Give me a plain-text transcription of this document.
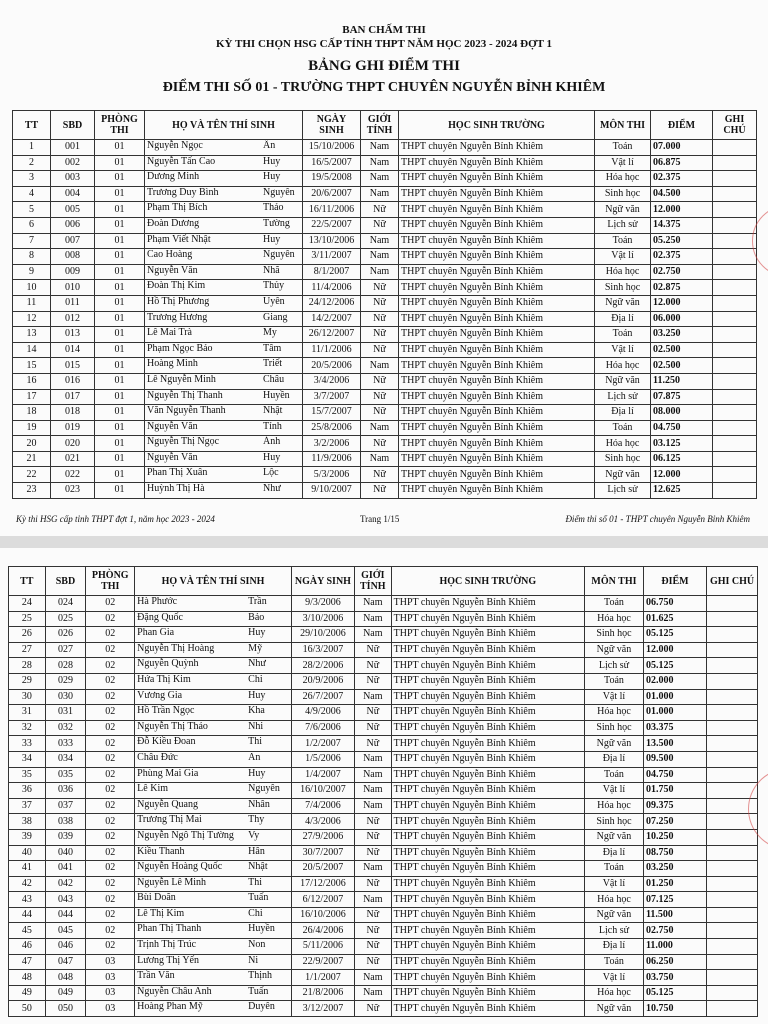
BAN CHẤM THI
KỲ THI CHỌN HSG CẤP TỈNH THPT NĂM HỌC 2023 - 2024 ĐỢT 1
BẢNG GHI ĐIỂM THI
ĐIỂM THI SỐ 01 - TRƯỜNG THPT CHUYÊN NGUYỄN BỈNH KHIÊM
TT	SBD	PHÒNG THI	HỌ VÀ TÊN THÍ SINH	NGÀY SINH	GIỚI TÍNH	HỌC SINH TRƯỜNG	MÔN THI	ĐIỂM	GHI CHÚ
1	001	01	Nguyễn Ngọc Ấn	15/10/2006	Nam	THPT chuyên Nguyễn Bỉnh Khiêm	Toán	07.000	
2	002	01	Nguyễn Tấn Cao Huy	16/5/2007	Nam	THPT chuyên Nguyễn Bỉnh Khiêm	Vật lí	06.875	
3	003	01	Dương Minh Huy	19/5/2008	Nam	THPT chuyên Nguyễn Bỉnh Khiêm	Hóa học	02.375	
4	004	01	Trương Duy Bình Nguyên	20/6/2007	Nam	THPT chuyên Nguyễn Bỉnh Khiêm	Sinh học	04.500	
5	005	01	Phạm Thị Bích Thảo	16/11/2006	Nữ	THPT chuyên Nguyễn Bỉnh Khiêm	Ngữ văn	12.000	
6	006	01	Đoàn Dương Tường	22/5/2007	Nữ	THPT chuyên Nguyễn Bỉnh Khiêm	Lịch sử	14.375	
7	007	01	Phạm Viết Nhật Huy	13/10/2006	Nam	THPT chuyên Nguyễn Bỉnh Khiêm	Toán	05.250	
8	008	01	Cao Hoàng Nguyên	3/11/2007	Nam	THPT chuyên Nguyễn Bỉnh Khiêm	Vật lí	02.375	
9	009	01	Nguyễn Văn Nhã	8/1/2007	Nam	THPT chuyên Nguyễn Bỉnh Khiêm	Hóa học	02.750	
10	010	01	Đoàn Thị Kim Thủy	11/4/2006	Nữ	THPT chuyên Nguyễn Bỉnh Khiêm	Sinh học	02.875	
11	011	01	Hồ Thị Phương Uyên	24/12/2006	Nữ	THPT chuyên Nguyễn Bỉnh Khiêm	Ngữ văn	12.000	
12	012	01	Trương Hương Giang	14/2/2007	Nữ	THPT chuyên Nguyễn Bỉnh Khiêm	Địa lí	06.000	
13	013	01	Lê Mai Trà My	26/12/2007	Nữ	THPT chuyên Nguyễn Bỉnh Khiêm	Toán	03.250	
14	014	01	Phạm Ngọc Bảo Tâm	11/1/2006	Nữ	THPT chuyên Nguyễn Bỉnh Khiêm	Vật lí	02.500	
15	015	01	Hoàng Minh Triết	20/5/2006	Nam	THPT chuyên Nguyễn Bỉnh Khiêm	Hóa học	02.500	
16	016	01	Lê Nguyễn Minh Châu	3/4/2006	Nữ	THPT chuyên Nguyễn Bỉnh Khiêm	Ngữ văn	11.250	
17	017	01	Nguyễn Thị Thanh Huyền	3/7/2007	Nữ	THPT chuyên Nguyễn Bỉnh Khiêm	Lịch sử	07.875	
18	018	01	Văn Nguyễn Thanh Nhật	15/7/2007	Nữ	THPT chuyên Nguyễn Bỉnh Khiêm	Địa lí	08.000	
19	019	01	Nguyễn Văn Tỉnh	25/8/2006	Nam	THPT chuyên Nguyễn Bỉnh Khiêm	Toán	04.750	
20	020	01	Nguyễn Thị Ngọc Ánh	3/2/2006	Nữ	THPT chuyên Nguyễn Bỉnh Khiêm	Hóa học	03.125	
21	021	01	Nguyễn Văn Huy	11/9/2006	Nam	THPT chuyên Nguyễn Bỉnh Khiêm	Sinh học	06.125	
22	022	01	Phan Thị Xuân Lộc	5/3/2006	Nữ	THPT chuyên Nguyễn Bỉnh Khiêm	Ngữ văn	12.000	
23	023	01	Huỳnh Thị Hà Như	9/10/2007	Nữ	THPT chuyên Nguyễn Bỉnh Khiêm	Lịch sử	12.625	
Kỳ thi HSG cấp tỉnh THPT đợt 1, năm học 2023 - 2024	Trang 1/15	Điểm thi số 01 - THPT chuyên Nguyễn Bỉnh Khiêm
TT	SBD	PHÒNG THI	HỌ VÀ TÊN THÍ SINH	NGÀY SINH	GIỚI TÍNH	HỌC SINH TRƯỜNG	MÔN THI	ĐIỂM	GHI CHÚ
24	024	02	Hà Phước Trần	9/3/2006	Nam	THPT chuyên Nguyễn Bỉnh Khiêm	Toán	06.750	
25	025	02	Đặng Quốc Bảo	3/10/2006	Nam	THPT chuyên Nguyễn Bỉnh Khiêm	Hóa học	01.625	
26	026	02	Phan Gia Huy	29/10/2006	Nam	THPT chuyên Nguyễn Bỉnh Khiêm	Sinh học	05.125	
27	027	02	Nguyễn Thị Hoàng Mỹ	16/3/2007	Nữ	THPT chuyên Nguyễn Bỉnh Khiêm	Ngữ văn	12.000	
28	028	02	Nguyễn Quỳnh Như	28/2/2006	Nữ	THPT chuyên Nguyễn Bỉnh Khiêm	Lịch sử	05.125	
29	029	02	Hứa Thị Kim Chi	20/9/2006	Nữ	THPT chuyên Nguyễn Bỉnh Khiêm	Toán	02.000	
30	030	02	Vương Gia Huy	26/7/2007	Nam	THPT chuyên Nguyễn Bỉnh Khiêm	Vật lí	01.000	
31	031	02	Hồ Trần Ngọc Kha	4/9/2006	Nữ	THPT chuyên Nguyễn Bỉnh Khiêm	Hóa học	01.000	
32	032	02	Nguyễn Thị Thảo Nhi	7/6/2006	Nữ	THPT chuyên Nguyễn Bỉnh Khiêm	Sinh học	03.375	
33	033	02	Đỗ Kiều Đoan Thi	1/2/2007	Nữ	THPT chuyên Nguyễn Bỉnh Khiêm	Ngữ văn	13.500	
34	034	02	Châu Đức An	1/5/2006	Nam	THPT chuyên Nguyễn Bỉnh Khiêm	Địa lí	09.500	
35	035	02	Phùng Mai Gia Huy	1/4/2007	Nam	THPT chuyên Nguyễn Bỉnh Khiêm	Toán	04.750	
36	036	02	Lê Kim Nguyên	16/10/2007	Nam	THPT chuyên Nguyễn Bỉnh Khiêm	Vật lí	01.750	
37	037	02	Nguyễn Quang Nhân	7/4/2006	Nam	THPT chuyên Nguyễn Bỉnh Khiêm	Hóa học	09.375	
38	038	02	Trương Thị Mai Thy	4/3/2006	Nữ	THPT chuyên Nguyễn Bỉnh Khiêm	Sinh học	07.250	
39	039	02	Nguyễn Ngô Thị Tường Vy	27/9/2006	Nữ	THPT chuyên Nguyễn Bỉnh Khiêm	Ngữ văn	10.250	
40	040	02	Kiều Thanh Hân	30/7/2007	Nữ	THPT chuyên Nguyễn Bỉnh Khiêm	Địa lí	08.750	
41	041	02	Nguyễn Hoàng Quốc Nhật	20/5/2007	Nam	THPT chuyên Nguyễn Bỉnh Khiêm	Toán	03.250	
42	042	02	Nguyễn Lê Minh Thi	17/12/2006	Nữ	THPT chuyên Nguyễn Bỉnh Khiêm	Vật lí	01.250	
43	043	02	Bùi Doãn Tuấn	6/12/2007	Nam	THPT chuyên Nguyễn Bỉnh Khiêm	Hóa học	07.125	
44	044	02	Lê Thị Kim Chi	16/10/2006	Nữ	THPT chuyên Nguyễn Bỉnh Khiêm	Ngữ văn	11.500	
45	045	02	Phan Thị Thanh Huyền	26/4/2006	Nữ	THPT chuyên Nguyễn Bỉnh Khiêm	Lịch sử	02.750	
46	046	02	Trịnh Thị Trúc Non	5/11/2006	Nữ	THPT chuyên Nguyễn Bỉnh Khiêm	Địa lí	11.000	
47	047	03	Lương Thị Yến Ni	22/9/2007	Nữ	THPT chuyên Nguyễn Bỉnh Khiêm	Toán	06.250	
48	048	03	Trần Văn Thịnh	1/1/2007	Nam	THPT chuyên Nguyễn Bỉnh Khiêm	Vật lí	03.750	
49	049	03	Nguyễn Châu Anh Tuấn	21/8/2006	Nam	THPT chuyên Nguyễn Bỉnh Khiêm	Hóa học	05.125	
50	050	03	Hoàng Phan Mỹ Duyên	3/12/2007	Nữ	THPT chuyên Nguyễn Bỉnh Khiêm	Ngữ văn	10.750	
